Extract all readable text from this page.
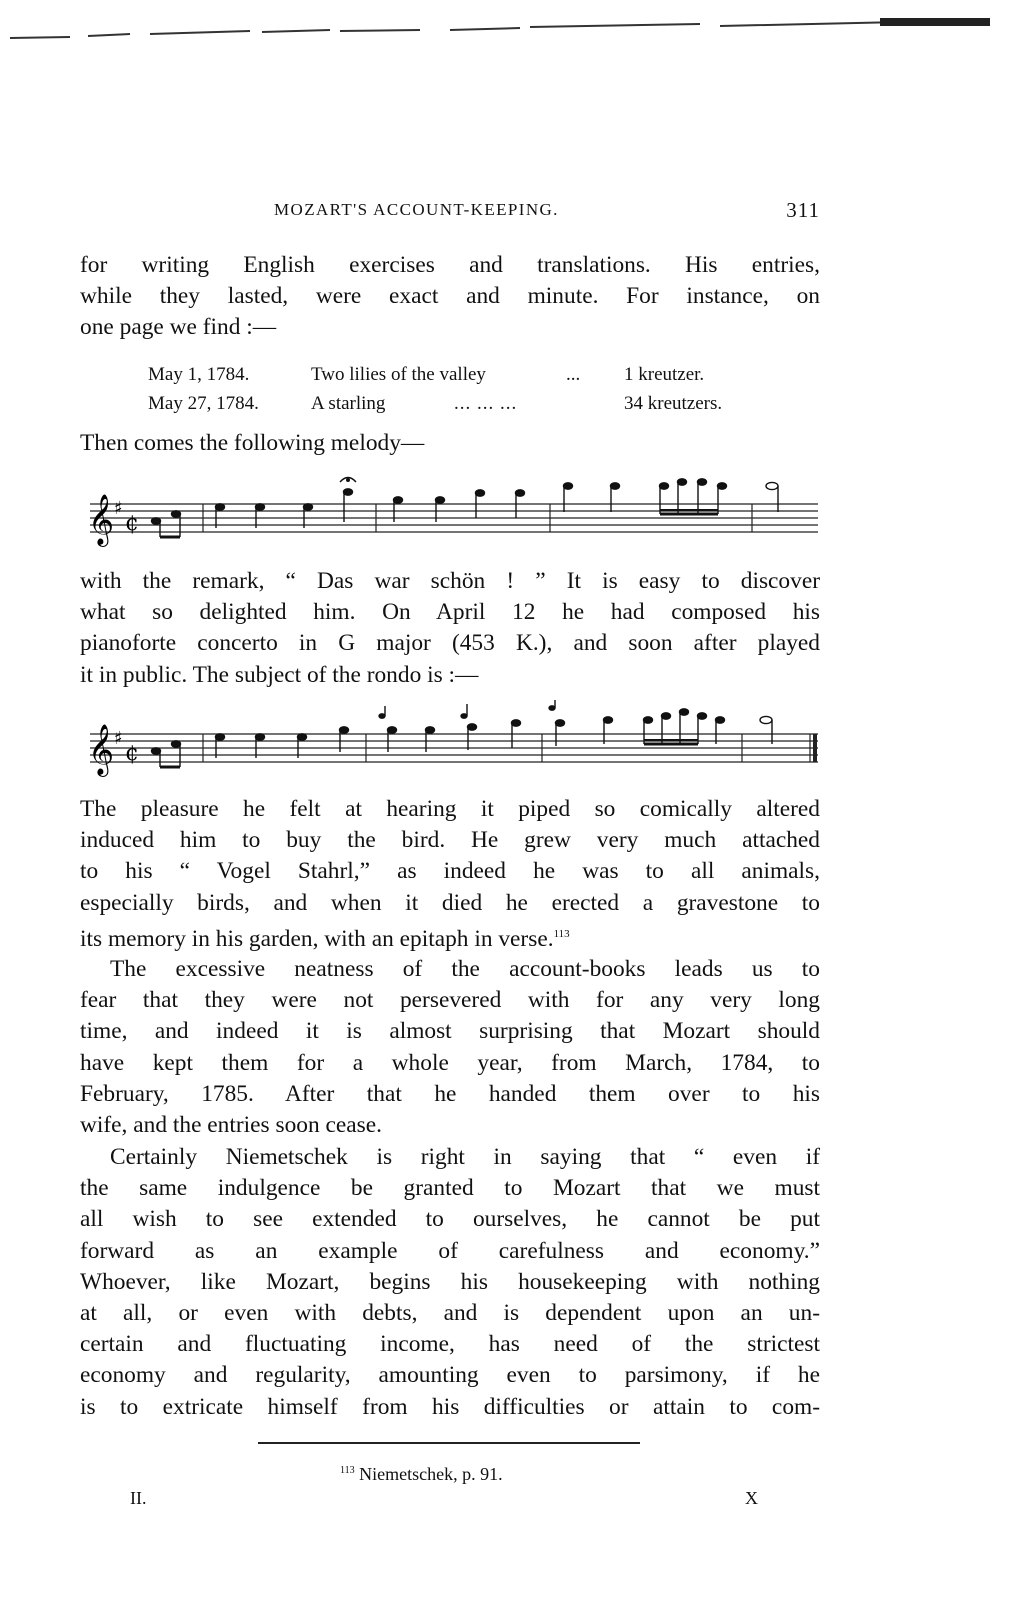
MOZART'S ACCOUNT-KEEPING.	311

for writing English exercises and translations. His entries,
while they lasted, were exact and minute. For instance, on
one page we find :—

May 1, 1784.	Two lilies of the valley	... 1 kreutzer.
May 27, 1784.	A starling	... ... ...	34 kreutzers.

Then comes the following melody—

𝄞 ♯
¢

with the remark, “ Das war schön ! ” It is easy to discover
what so delighted him. On April 12 he had composed his
pianoforte concerto in G major (453 K.), and soon after played
it in public. The subject of the rondo is :—

𝄞 ♯
¢

The pleasure he felt at hearing it piped so comically altered
induced him to buy the bird. He grew very much attached
to his “ Vogel Stahrl,” as indeed he was to all animals,
especially birds, and when it died he erected a gravestone to
its memory in his garden, with an epitaph in verse.$^{113}$

The excessive neatness of the account-books leads us to
fear that they were not persevered with for any very long
time, and indeed it is almost surprising that Mozart should
have kept them for a whole year, from March, 1784, to
February, 1785. After that he handed them over to his
wife, and the entries soon cease.

Certainly Niemetschek is right in saying that “ even if
the same indulgence be granted to Mozart that we must
all wish to see extended to ourselves, he cannot be put
forward as an example of carefulness and economy.”
Whoever, like Mozart, begins his housekeeping with nothing
at all, or even with debts, and is dependent upon an un-
certain and fluctuating income, has need of the strictest
economy and regularity, amounting even to parsimony, if he
is to extricate himself from his difficulties or attain to com-

$^{113}$ Niemetschek, p. 91.
II.	X
